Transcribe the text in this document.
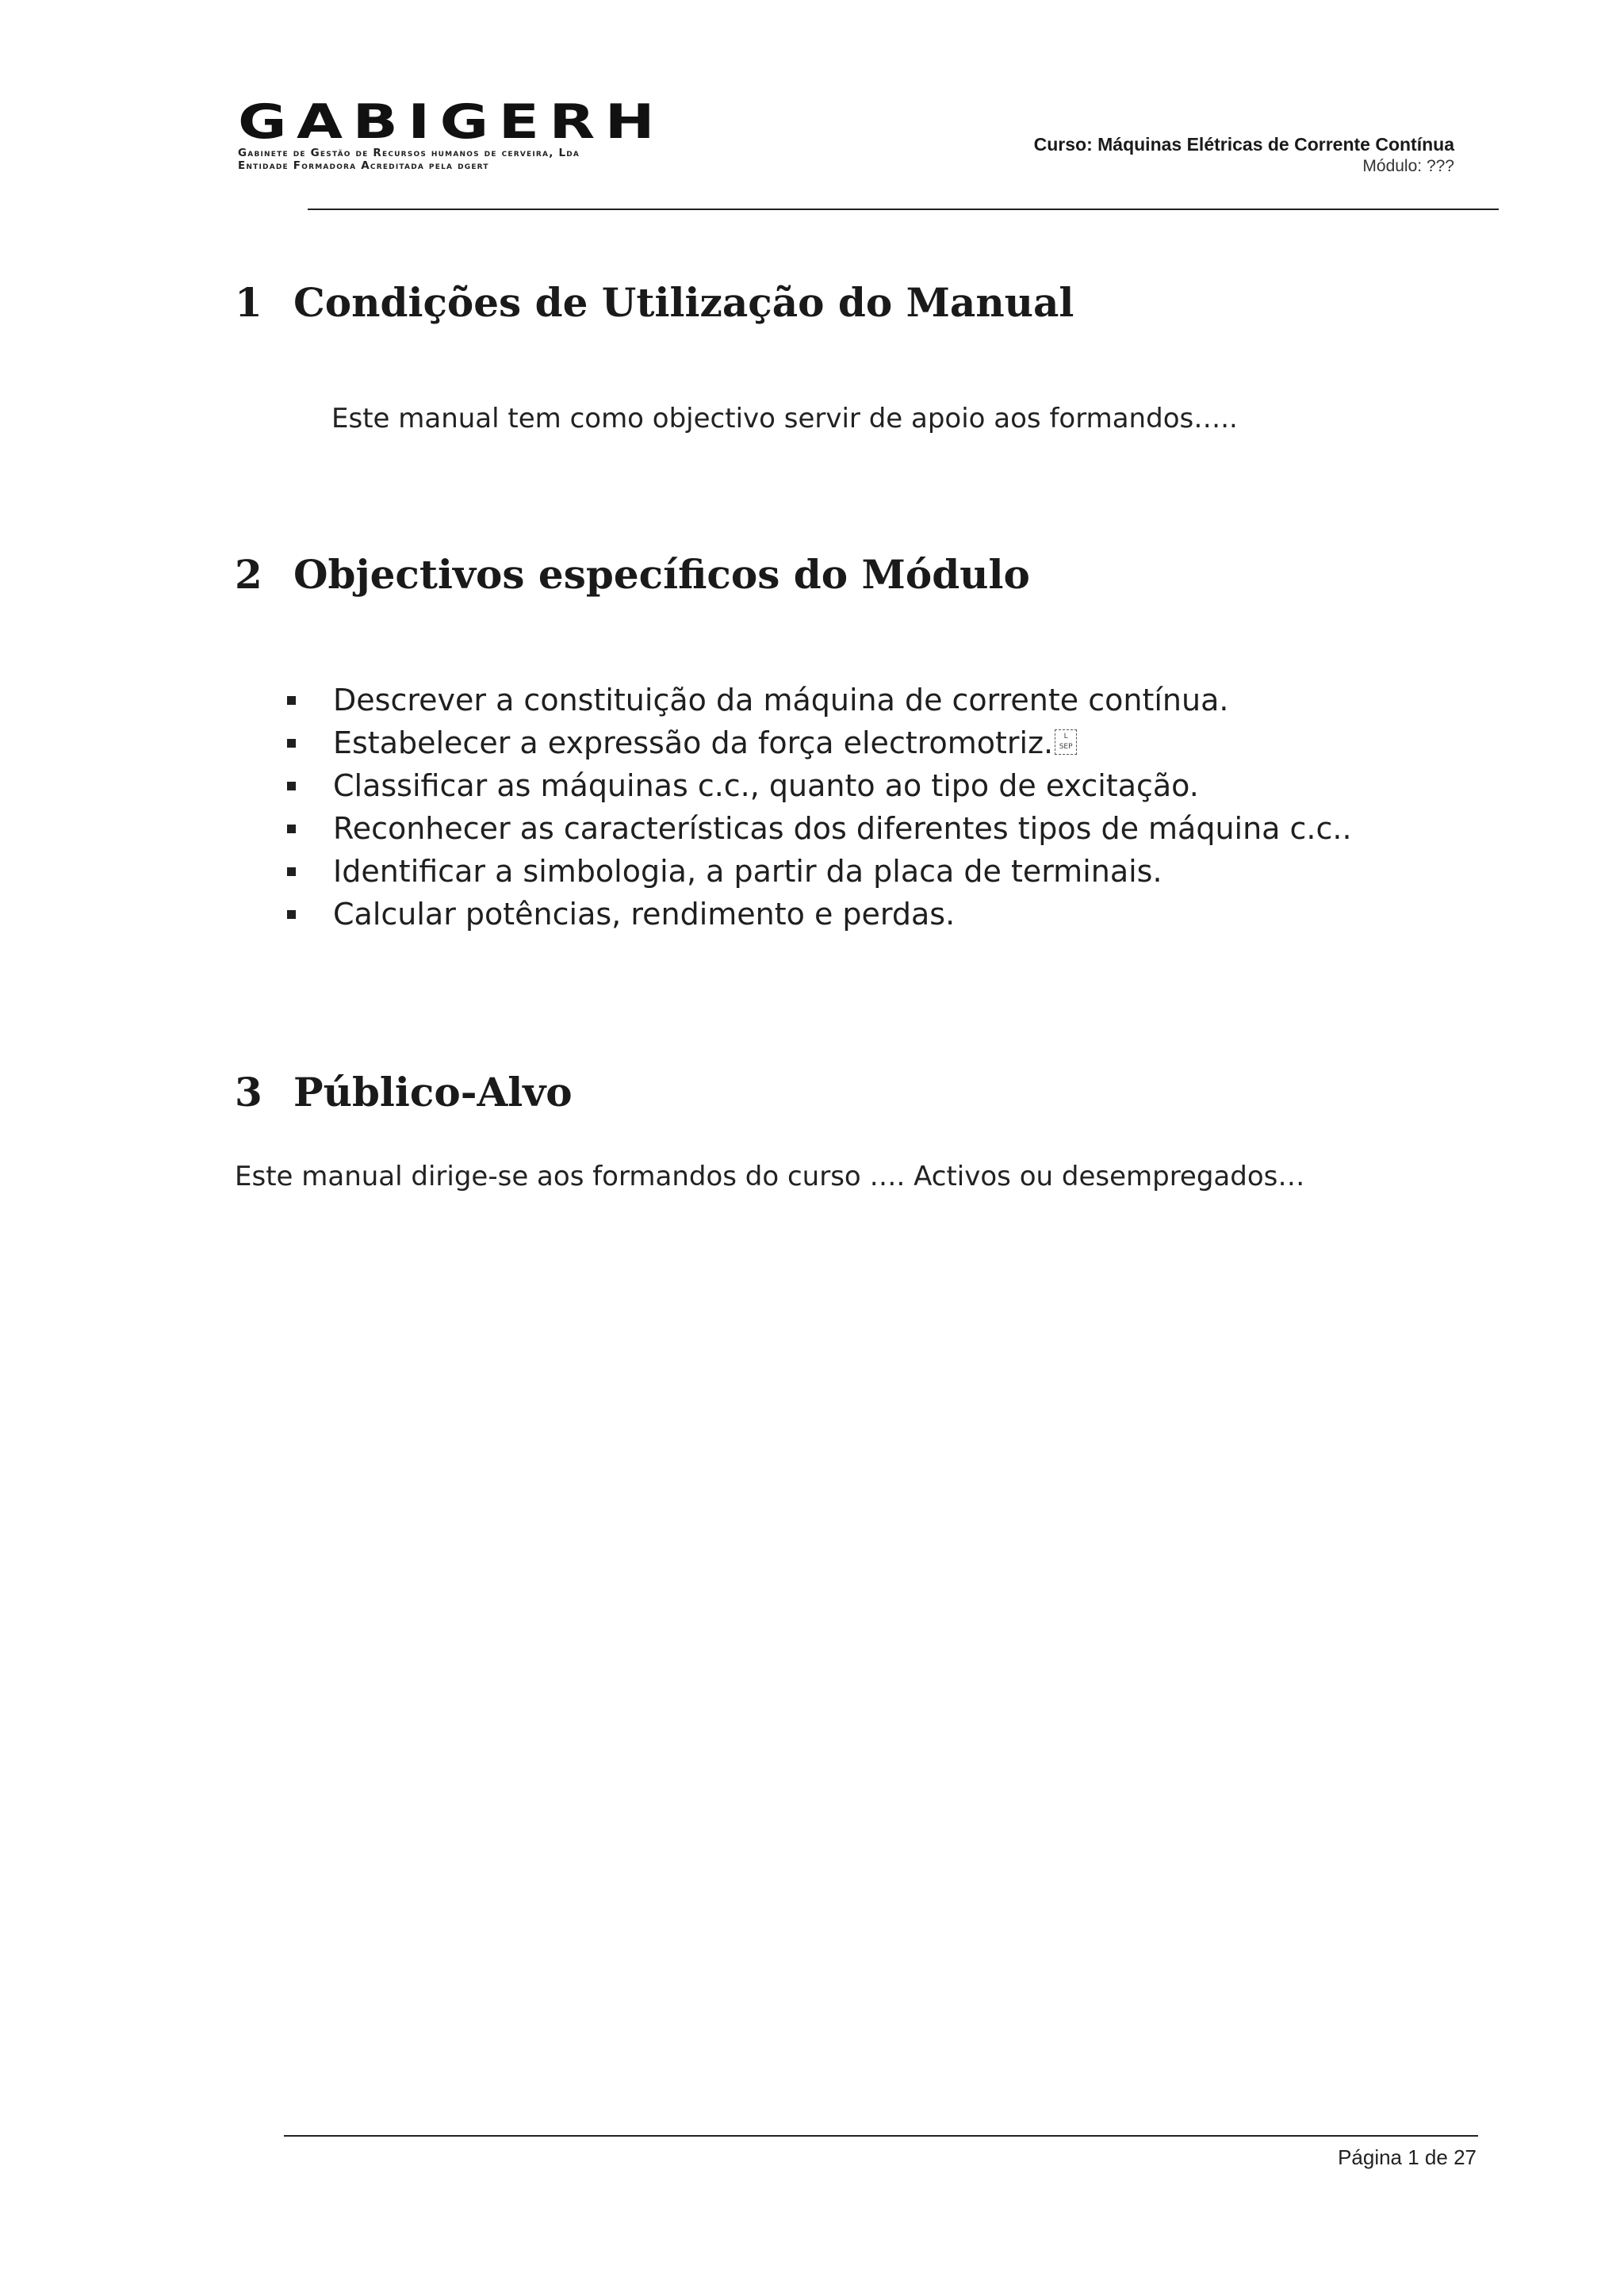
GABIGERH
Gabinete de Gestão de Recursos humanos de cerveira, Lda
Entidade Formadora Acreditada pela dgert
Curso: Máquinas Elétricas de Corrente Contínua
Módulo: ???
1 Condições de Utilização do Manual

Este manual tem como objectivo servir de apoio aos formandos…..

2 Objectivos específicos do Módulo
Descrever a constituição da máquina de corrente contínua.
Estabelecer a expressão da força electromotriz.L SEP
Classificar as máquinas c.c., quanto ao tipo de excitação.
Reconhecer as características dos diferentes tipos de máquina c.c..
Identificar a simbologia, a partir da placa de terminais.
Calcular potências, rendimento e perdas.
3 Público-Alvo

Este manual dirige-se aos formandos do curso …. Activos ou desempregados…

Página 1 de 27
